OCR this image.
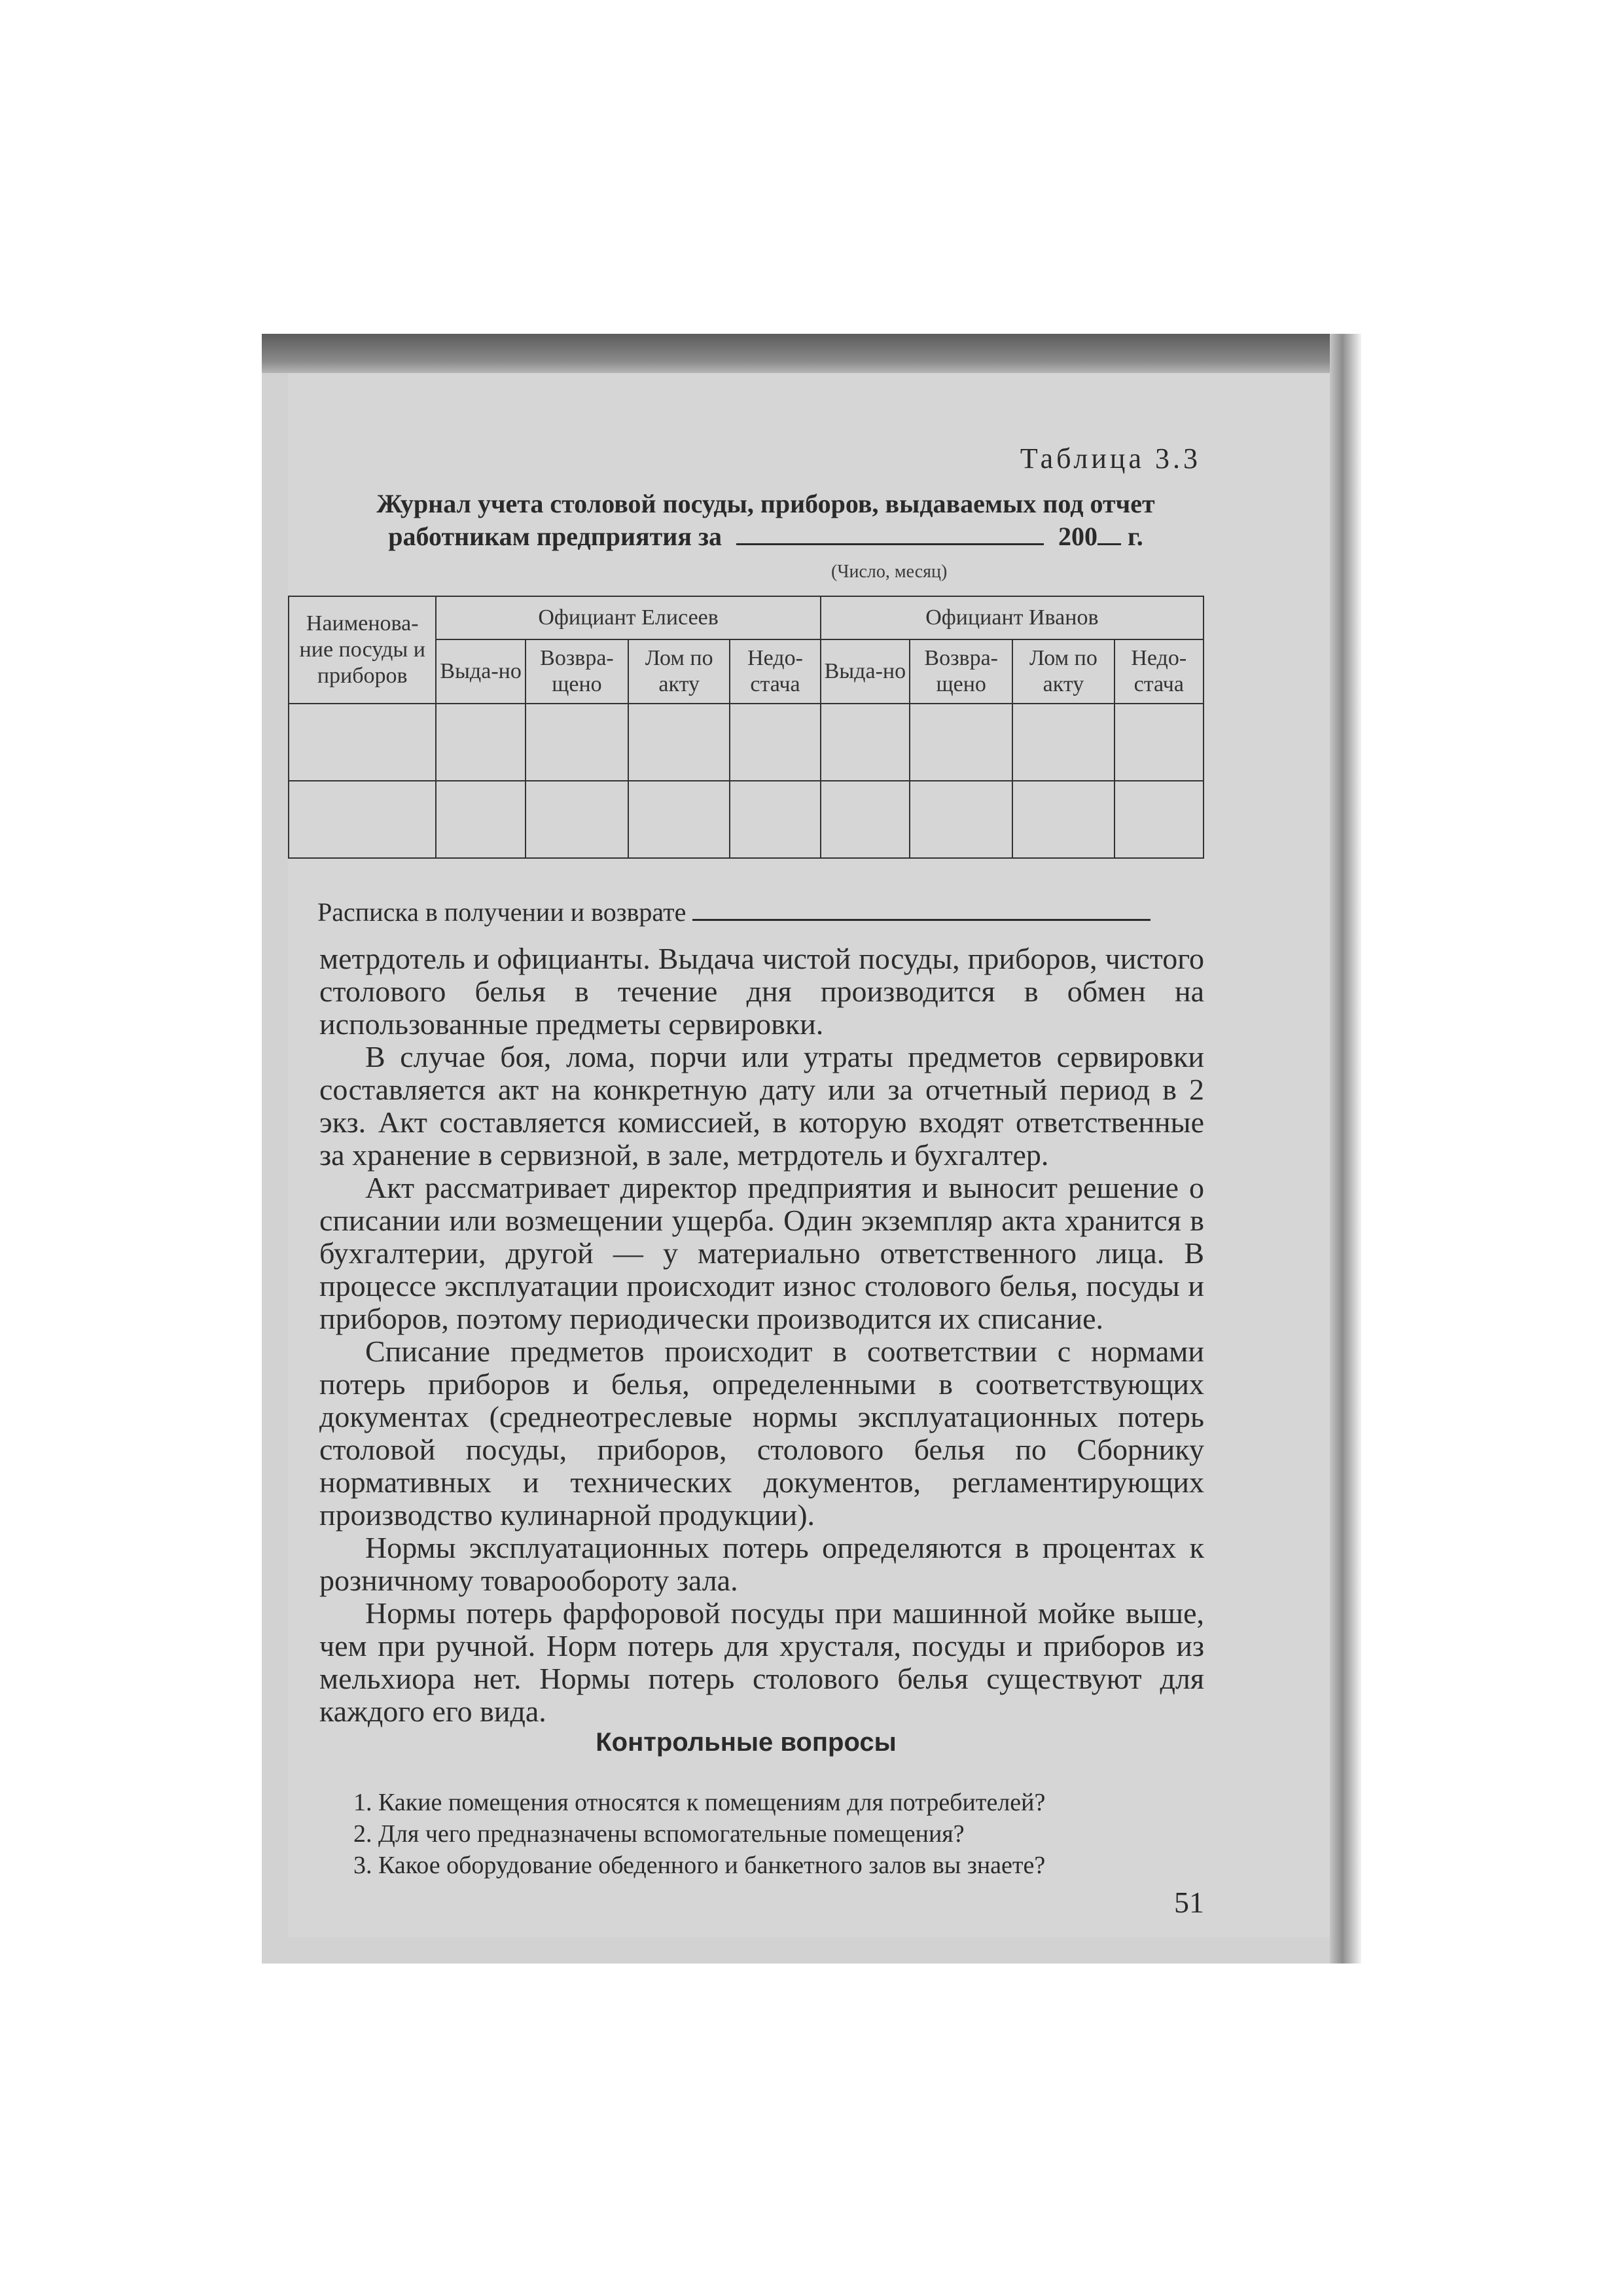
Таблица 3.3
Журнал учета столовой посуды, приборов, выдаваемых под отчет
работникам предприятия за	200 г.
(Число, месяц)
Наименова-ние посуды и приборов	Официант Елисеев				Официант Иванов			
	Выда-но	Возвра-щено	Лом по акту	Недо-стача	Выда-но	Возвра-щено	Лом по акту	Недо-стача

Расписка в получении и возврате

метрдотель и официанты. Выдача чистой посуды, приборов, чистого столового белья в течение дня производится в обмен на использованные предметы сервировки.

В случае боя, лома, порчи или утраты предметов сервировки составляется акт на конкретную дату или за отчетный период в 2 экз. Акт составляется комиссией, в которую входят ответственные за хранение в сервизной, в зале, метрдотель и бухгалтер.

Акт рассматривает директор предприятия и выносит решение о списании или возмещении ущерба. Один экземпляр акта хранится в бухгалтерии, другой — у материально ответственного лица. В процессе эксплуатации происходит износ столового белья, посуды и приборов, поэтому периодически производится их списание.

Списание предметов происходит в соответствии с нормами потерь приборов и белья, определенными в соответствующих документах (среднеотреслевые нормы эксплуатационных потерь столовой посуды, приборов, столового белья по Сборнику нормативных и технических документов, регламентирующих производство кулинарной продукции).

Нормы эксплуатационных потерь определяются в процентах к розничному товарообороту зала.

Нормы потерь фарфоровой посуды при машинной мойке выше, чем при ручной. Норм потерь для хрусталя, посуды и приборов из мельхиора нет. Нормы потерь столового белья существуют для каждого его вида.

Контрольные вопросы
1. Какие помещения относятся к помещениям для потребителей?
2. Для чего предназначены вспомогательные помещения?
3. Какое оборудование обеденного и банкетного залов вы знаете?
51
